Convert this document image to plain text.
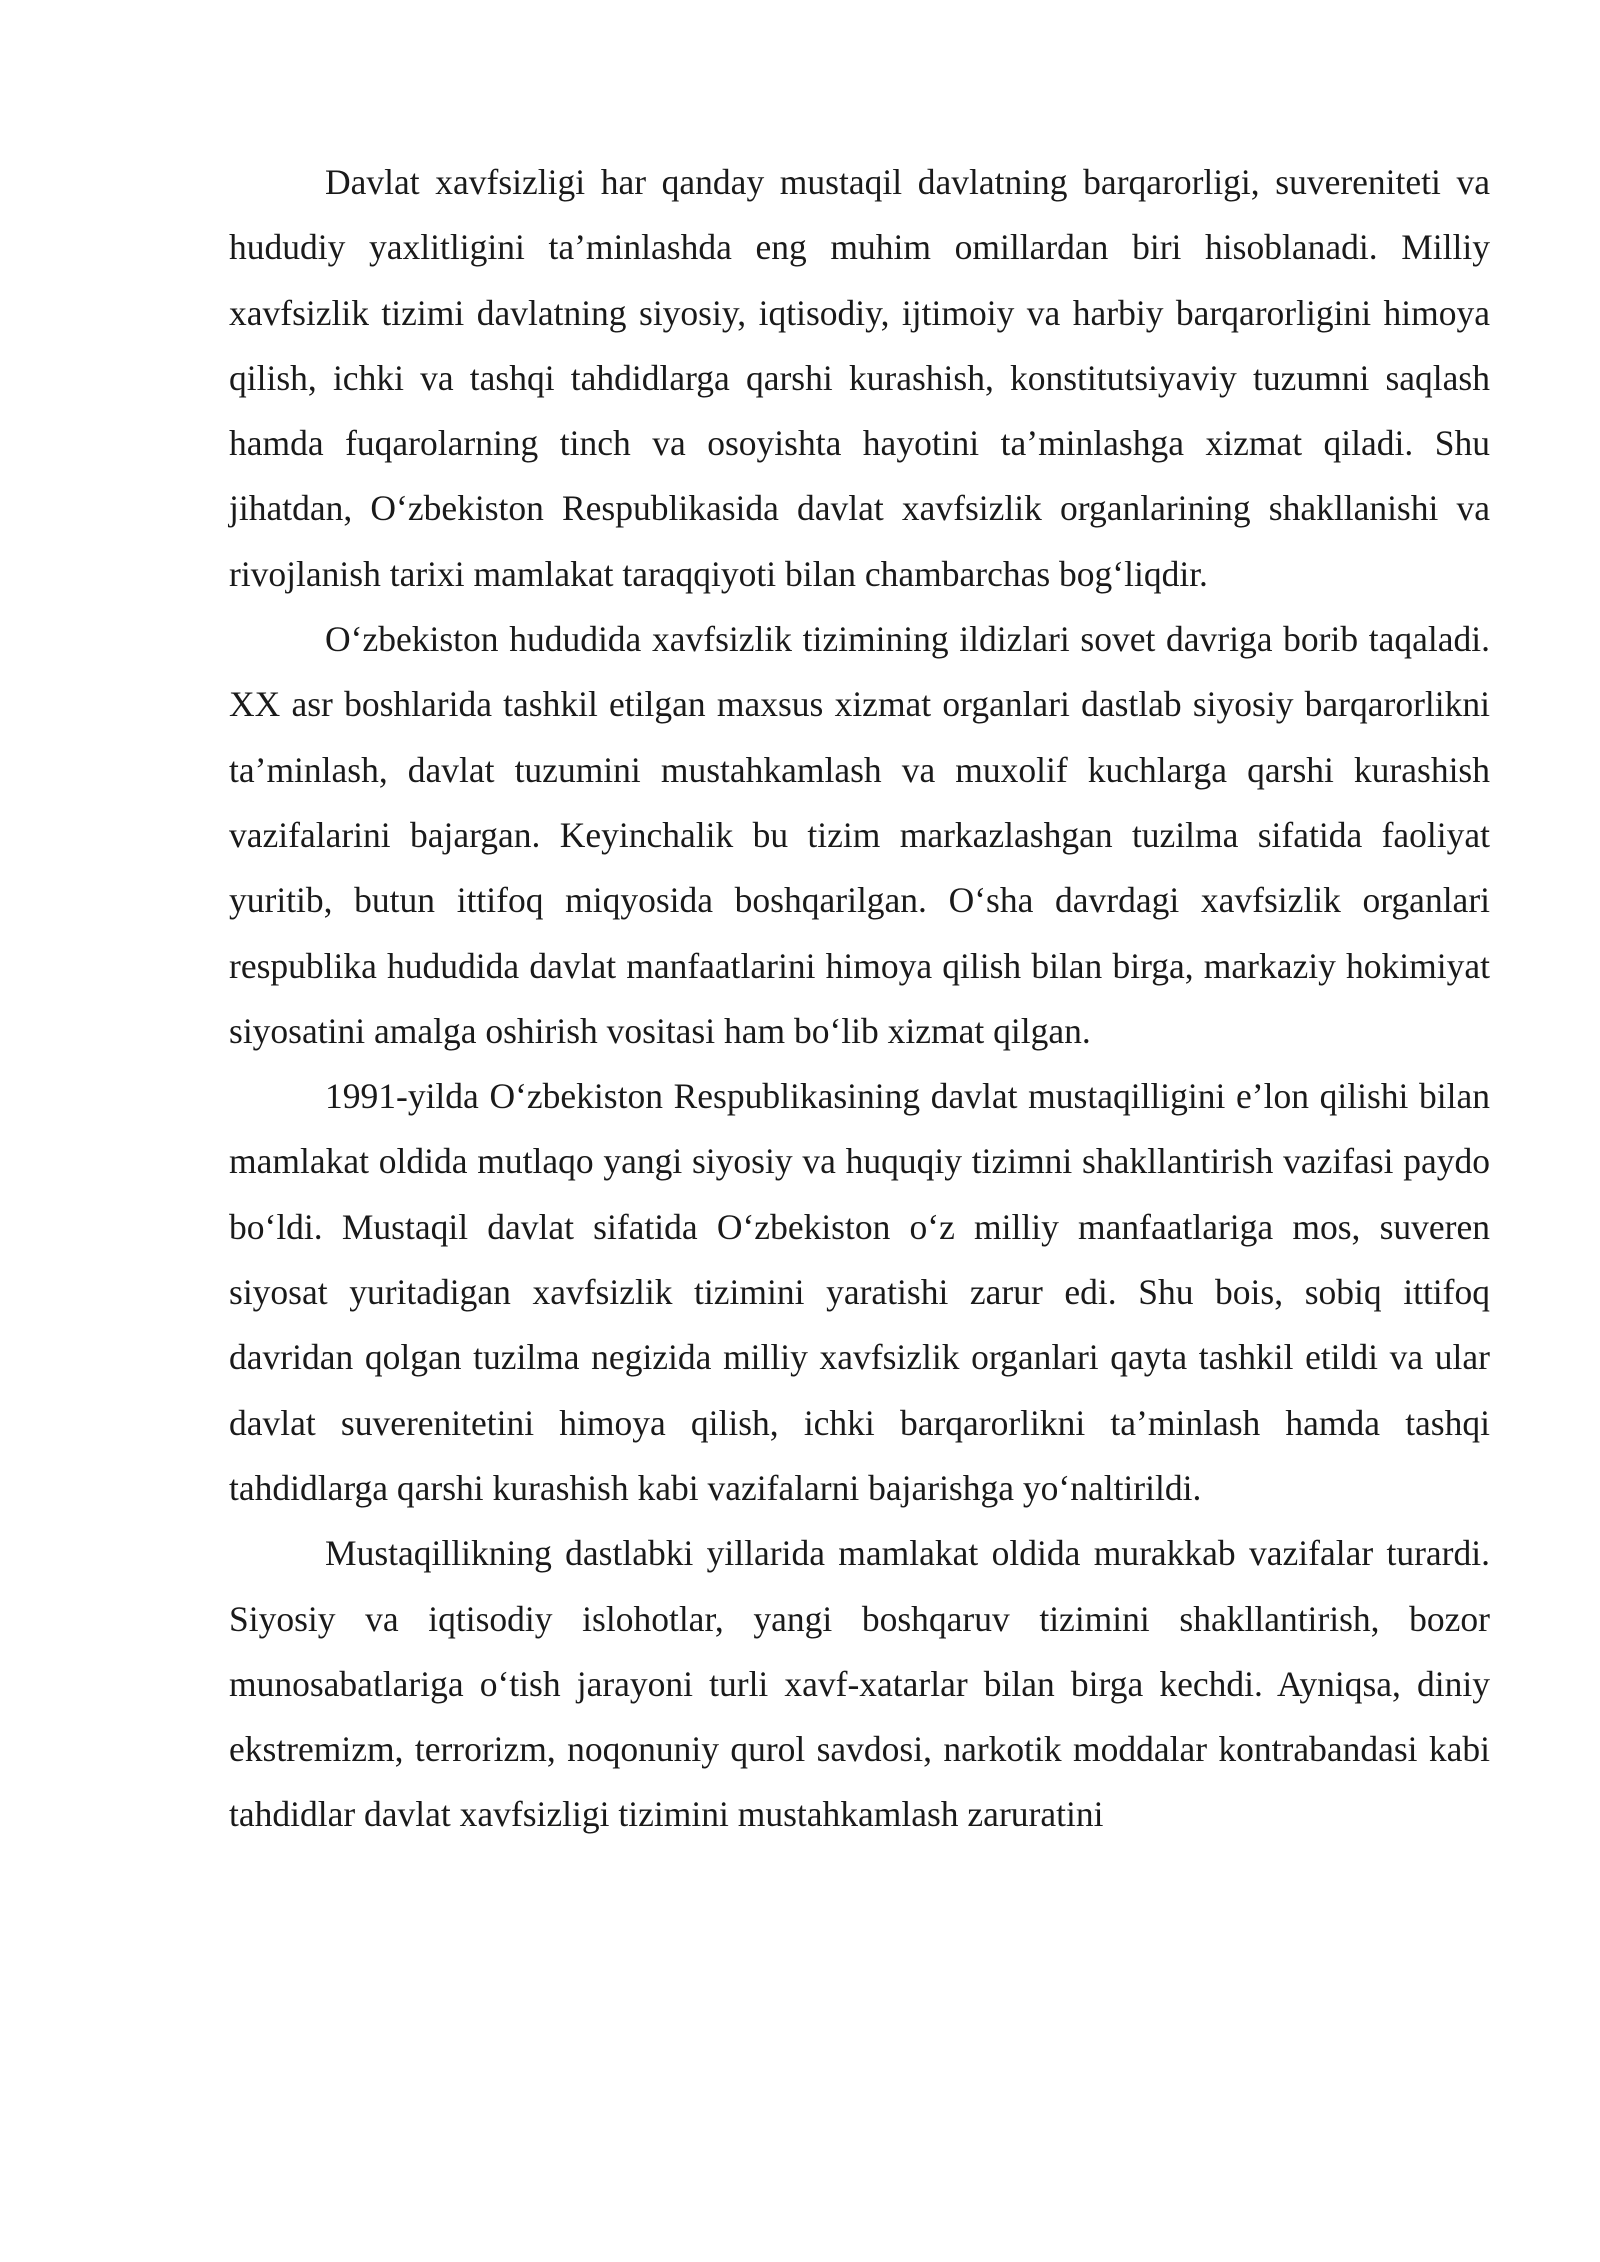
Davlat xavfsizligi har qanday mustaqil davlatning barqarorligi, suvereniteti va hududiy yaxlitligini ta’minlashda eng muhim omillardan biri hisoblanadi. Milliy xavfsizlik tizimi davlatning siyosiy, iqtisodiy, ijtimoiy va harbiy barqarorligini himoya qilish, ichki va tashqi tahdidlarga qarshi kurashish, konstitutsiyaviy tuzumni saqlash hamda fuqarolarning tinch va osoyishta hayotini ta’minlashga xizmat qiladi. Shu jihatdan, O‘zbekiston Respublikasida davlat xavfsizlik organlarining shakllanishi va rivojlanish tarixi mamlakat taraqqiyoti bilan chambarchas bog‘liqdir.

O‘zbekiston hududida xavfsizlik tizimining ildizlari sovet davriga borib taqaladi. XX asr boshlarida tashkil etilgan maxsus xizmat organlari dastlab siyosiy barqarorlikni ta’minlash, davlat tuzumini mustahkamlash va muxolif kuchlarga qarshi kurashish vazifalarini bajargan. Keyinchalik bu tizim markazlashgan tuzilma sifatida faoliyat yuritib, butun ittifoq miqyosida boshqarilgan. O‘sha davrdagi xavfsizlik organlari respublika hududida davlat manfaatlarini himoya qilish bilan birga, markaziy hokimiyat siyosatini amalga oshirish vositasi ham bo‘lib xizmat qilgan.

1991-yilda O‘zbekiston Respublikasining davlat mustaqilligini e’lon qilishi bilan mamlakat oldida mutlaqo yangi siyosiy va huquqiy tizimni shakllantirish vazifasi paydo bo‘ldi. Mustaqil davlat sifatida O‘zbekiston o‘z milliy manfaatlariga mos, suveren siyosat yuritadigan xavfsizlik tizimini yaratishi zarur edi. Shu bois, sobiq ittifoq davridan qolgan tuzilma negizida milliy xavfsizlik organlari qayta tashkil etildi va ular davlat suverenitetini himoya qilish, ichki barqarorlikni ta’minlash hamda tashqi tahdidlarga qarshi kurashish kabi vazifalarni bajarishga yo‘naltirildi.

Mustaqillikning dastlabki yillarida mamlakat oldida murakkab vazifalar turardi. Siyosiy va iqtisodiy islohotlar, yangi boshqaruv tizimini shakllantirish, bozor munosabatlariga o‘tish jarayoni turli xavf-xatarlar bilan birga kechdi. Ayniqsa, diniy ekstremizm, terrorizm, noqonuniy qurol savdosi, narkotik moddalar kontrabandasi kabi tahdidlar davlat xavfsizligi tizimini mustahkamlash zaruratini
